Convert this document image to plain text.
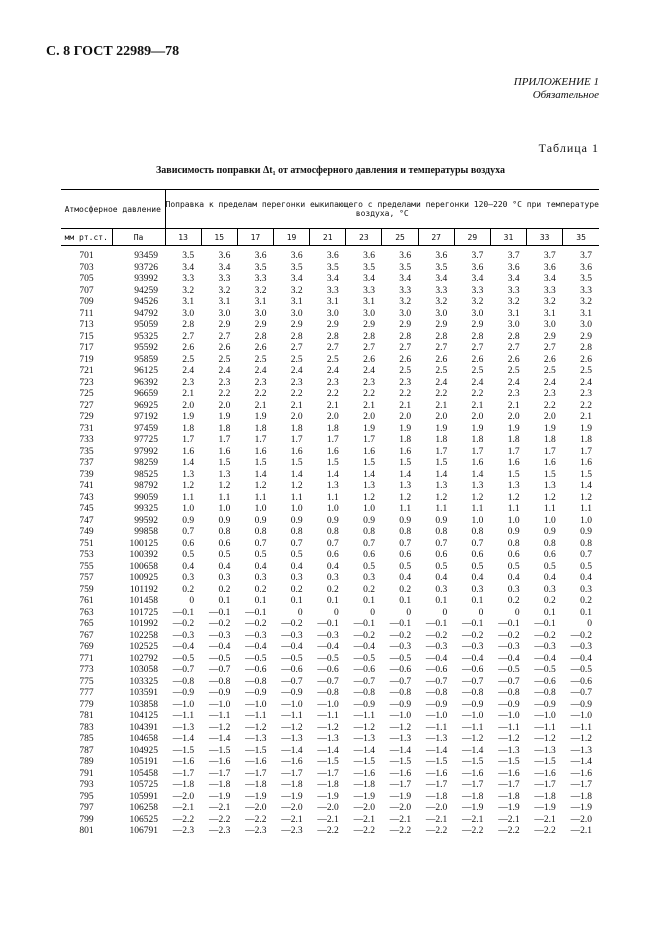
С. 8 ГОСТ 22989—78
ПРИЛОЖЕНИЕ 1
Обязательное
Таблица 1
Зависимость поправки Δt₁ от атмосферного давления и температуры воздуха
Атмосферное давление		Поправка к пределам перегонки еыкипающего с пределами перегонки 120—220 °С при температуре воздуха, °С											
мм рт.ст.	Па	13	15	17	19	21	23	25	27	29	31	33	35
701	93459	3.5	3.6	3.6	3.6	3.6	3.6	3.6	3.6	3.7	3.7	3.7	3.7
703	93726	3.4	3.4	3.5	3.5	3.5	3.5	3.5	3.5	3.6	3.6	3.6	3.6
705	93992	3.3	3.3	3.3	3.4	3.4	3.4	3.4	3.4	3.4	3.4	3.4	3.5
707	94259	3.2	3.2	3.2	3.2	3.3	3.3	3.3	3.3	3.3	3.3	3.3	3.3
709	94526	3.1	3.1	3.1	3.1	3.1	3.1	3.2	3.2	3.2	3.2	3.2	3.2
711	94792	3.0	3.0	3.0	3.0	3.0	3.0	3.0	3.0	3.0	3.1	3.1	3.1
713	95059	2.8	2.9	2.9	2.9	2.9	2.9	2.9	2.9	2.9	3.0	3.0	3.0
715	95325	2.7	2.7	2.8	2.8	2.8	2.8	2.8	2.8	2.8	2.8	2.9	2.9
717	95592	2.6	2.6	2.6	2.7	2.7	2.7	2.7	2.7	2.7	2.7	2.7	2.8
719	95859	2.5	2.5	2.5	2.5	2.5	2.6	2.6	2.6	2.6	2.6	2.6	2.6
721	96125	2.4	2.4	2.4	2.4	2.4	2.4	2.5	2.5	2.5	2.5	2.5	2.5
723	96392	2.3	2.3	2.3	2.3	2.3	2.3	2.3	2.4	2.4	2.4	2.4	2.4
725	96659	2.1	2.2	2.2	2.2	2.2	2.2	2.2	2.2	2.2	2.3	2.3	2.3
727	96925	2.0	2.0	2.1	2.1	2.1	2.1	2.1	2.1	2.1	2.1	2.2	2.2
729	97192	1.9	1.9	1.9	2.0	2.0	2.0	2.0	2.0	2.0	2.0	2.0	2.1
731	97459	1.8	1.8	1.8	1.8	1.8	1.9	1.9	1.9	1.9	1.9	1.9	1.9
733	97725	1.7	1.7	1.7	1.7	1.7	1.7	1.8	1.8	1.8	1.8	1.8	1.8
735	97992	1.6	1.6	1.6	1.6	1.6	1.6	1.6	1.7	1.7	1.7	1.7	1.7
737	98259	1.4	1.5	1.5	1.5	1.5	1.5	1.5	1.5	1.6	1.6	1.6	1.6
739	98525	1.3	1.3	1.4	1.4	1.4	1.4	1.4	1.4	1.4	1.5	1.5	1.5
741	98792	1.2	1.2	1.2	1.2	1.3	1.3	1.3	1.3	1.3	1.3	1.3	1.4
743	99059	1.1	1.1	1.1	1.1	1.1	1.2	1.2	1.2	1.2	1.2	1.2	1.2
745	99325	1.0	1.0	1.0	1.0	1.0	1.0	1.1	1.1	1.1	1.1	1.1	1.1
747	99592	0.9	0.9	0.9	0.9	0.9	0.9	0.9	0.9	1.0	1.0	1.0	1.0
749	99858	0.7	0.8	0.8	0.8	0.8	0.8	0.8	0.8	0.8	0.9	0.9	0.9
751	100125	0.6	0.6	0.7	0.7	0.7	0.7	0.7	0.7	0.7	0.8	0.8	0.8
753	100392	0.5	0.5	0.5	0.5	0.6	0.6	0.6	0.6	0.6	0.6	0.6	0.7
755	100658	0.4	0.4	0.4	0.4	0.4	0.5	0.5	0.5	0.5	0.5	0.5	0.5
757	100925	0.3	0.3	0.3	0.3	0.3	0.3	0.4	0.4	0.4	0.4	0.4	0.4
759	101192	0.2	0.2	0.2	0.2	0.2	0.2	0.2	0.3	0.3	0.3	0.3	0.3
761	101458	0	0.1	0.1	0.1	0.1	0.1	0.1	0.1	0.1	0.2	0.2	0.2
763	101725	—0.1	—0.1	—0.1	0	0	0	0	0	0	0	0.1	0.1
765	101992	—0.2	—0.2	—0.2	—0.2	—0.1	—0.1	—0.1	—0.1	—0.1	—0.1	—0.1	0
767	102258	—0.3	—0.3	—0.3	—0.3	—0.3	—0.2	—0.2	—0.2	—0.2	—0.2	—0.2	—0.2
769	102525	—0.4	—0.4	—0.4	—0.4	—0.4	—0.4	—0.3	—0.3	—0.3	—0.3	—0.3	—0.3
771	102792	—0.5	—0.5	—0.5	—0.5	—0.5	—0.5	—0.5	—0.4	—0.4	—0.4	—0.4	—0.4
773	103058	—0.7	—0.7	—0.6	—0.6	—0.6	—0.6	—0.6	—0.6	—0.6	—0.5	—0.5	—0.5
775	103325	—0.8	—0.8	—0.8	—0.7	—0.7	—0.7	—0.7	—0.7	—0.7	—0.7	—0.6	—0.6
777	103591	—0.9	—0.9	—0.9	—0.9	—0.8	—0.8	—0.8	—0.8	—0.8	—0.8	—0.8	—0.7
779	103858	—1.0	—1.0	—1.0	—1.0	—1.0	—0.9	—0.9	—0.9	—0.9	—0.9	—0.9	—0.9
781	104125	—1.1	—1.1	—1.1	—1.1	—1.1	—1.1	—1.0	—1.0	—1.0	—1.0	—1.0	—1.0
783	104391	—1.3	—1.2	—1.2	—1.2	—1.2	—1.2	—1.2	—1.1	—1.1	—1.1	—1.1	—1.1
785	104658	—1.4	—1.4	—1.3	—1.3	—1.3	—1.3	—1.3	—1.3	—1.2	—1.2	—1.2	—1.2
787	104925	—1.5	—1.5	—1.5	—1.4	—1.4	—1.4	—1.4	—1.4	—1.4	—1.3	—1.3	—1.3
789	105191	—1.6	—1.6	—1.6	—1.6	—1.5	—1.5	—1.5	—1.5	—1.5	—1.5	—1.5	—1.4
791	105458	—1.7	—1.7	—1.7	—1.7	—1.7	—1.6	—1.6	—1.6	—1.6	—1.6	—1.6	—1.6
793	105725	—1.8	—1.8	—1.8	—1.8	—1.8	—1.8	—1.7	—1.7	—1.7	—1.7	—1.7	—1.7
795	105991	—2.0	—1.9	—1.9	—1.9	—1.9	—1.9	—1.9	—1.8	—1.8	—1.8	—1.8	—1.8
797	106258	—2.1	—2.1	—2.0	—2.0	—2.0	—2.0	—2.0	—2.0	—1.9	—1.9	—1.9	—1.9
799	106525	—2.2	—2.2	—2.2	—2.1	—2.1	—2.1	—2.1	—2.1	—2.1	—2.1	—2.1	—2.0
801	106791	—2.3	—2.3	—2.3	—2.3	—2.2	—2.2	—2.2	—2.2	—2.2	—2.2	—2.2	—2.1
